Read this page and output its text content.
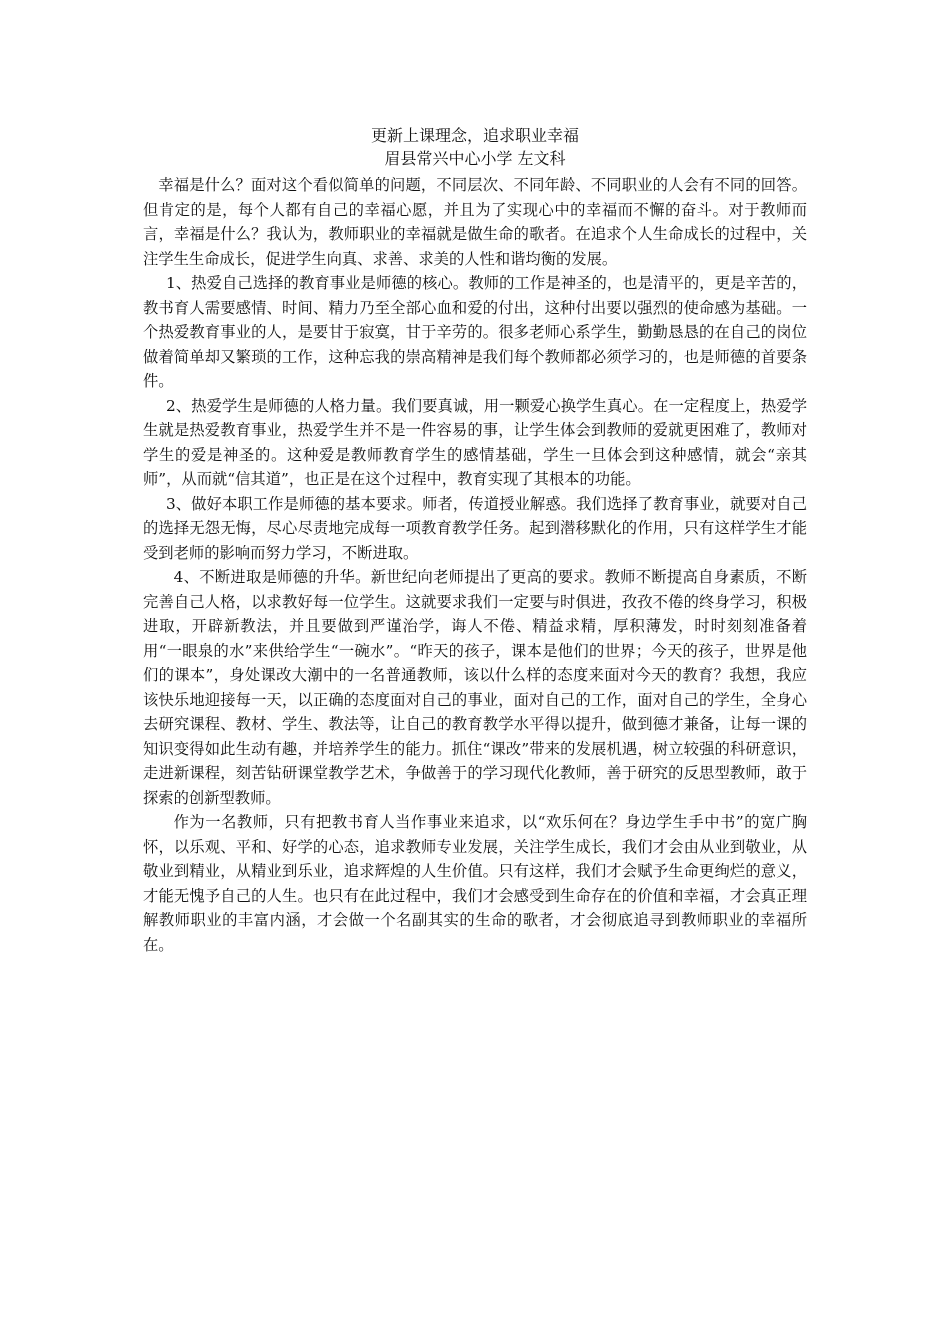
更新上课理念，追求职业幸福

眉县常兴中心小学 左文科

幸福是什么？面对这个看似简单的问题，不同层次、不同年龄、不同职业的人会有不同的回答。但肯定的是，每个人都有自己的幸福心愿，并且为了实现心中的幸福而不懈的奋斗。对于教师而言，幸福是什么？我认为，教师职业的幸福就是做生命的歌者。在追求个人生命成长的过程中，关注学生生命成长，促进学生向真、求善、求美的人性和谐均衡的发展。

1、热爱自己选择的教育事业是师德的核心。教师的工作是神圣的，也是清平的，更是辛苦的，教书育人需要感情、时间、精力乃至全部心血和爱的付出，这种付出要以强烈的使命感为基础。一个热爱教育事业的人，是要甘于寂寞，甘于辛劳的。很多老师心系学生，勤勤恳恳的在自己的岗位做着简单却又繁琐的工作，这种忘我的崇高精神是我们每个教师都必须学习的，也是师德的首要条件。

2、热爱学生是师德的人格力量。我们要真诚，用一颗爱心换学生真心。在一定程度上，热爱学生就是热爱教育事业，热爱学生并不是一件容易的事，让学生体会到教师的爱就更困难了，教师对学生的爱是神圣的。这种爱是教师教育学生的感情基础，学生一旦体会到这种感情，就会“亲其师”，从而就“信其道”，也正是在这个过程中，教育实现了其根本的功能。

3、做好本职工作是师德的基本要求。师者，传道授业解惑。我们选择了教育事业，就要对自己的选择无怨无悔，尽心尽责地完成每一项教育教学任务。起到潜移默化的作用，只有这样学生才能受到老师的影响而努力学习，不断进取。

4、不断进取是师德的升华。新世纪向老师提出了更高的要求。教师不断提高自身素质，不断完善自己人格，以求教好每一位学生。这就要求我们一定要与时俱进，孜孜不倦的终身学习，积极进取，开辟新教法，并且要做到严谨治学，诲人不倦、精益求精，厚积薄发，时时刻刻准备着用“一眼泉的水”来供给学生“一碗水”。“昨天的孩子，课本是他们的世界；今天的孩子，世界是他们的课本”，身处课改大潮中的一名普通教师，该以什么样的态度来面对今天的教育？我想，我应该快乐地迎接每一天，以正确的态度面对自己的事业，面对自己的工作，面对自己的学生，全身心去研究课程、教材、学生、教法等，让自己的教育教学水平得以提升，做到德才兼备，让每一课的知识变得如此生动有趣，并培养学生的能力。抓住“课改”带来的发展机遇，树立较强的科研意识，走进新课程，刻苦钻研课堂教学艺术，争做善于的学习现代化教师，善于研究的反思型教师，敢于探索的创新型教师。

作为一名教师，只有把教书育人当作事业来追求，以“欢乐何在？身边学生手中书”的宽广胸怀，以乐观、平和、好学的心态，追求教师专业发展，关注学生成长，我们才会由从业到敬业，从敬业到精业，从精业到乐业，追求辉煌的人生价值。只有这样，我们才会赋予生命更绚烂的意义，才能无愧予自己的人生。也只有在此过程中，我们才会感受到生命存在的价值和幸福，才会真正理解教师职业的丰富内涵，才会做一个名副其实的生命的歌者，才会彻底追寻到教师职业的幸福所在。
